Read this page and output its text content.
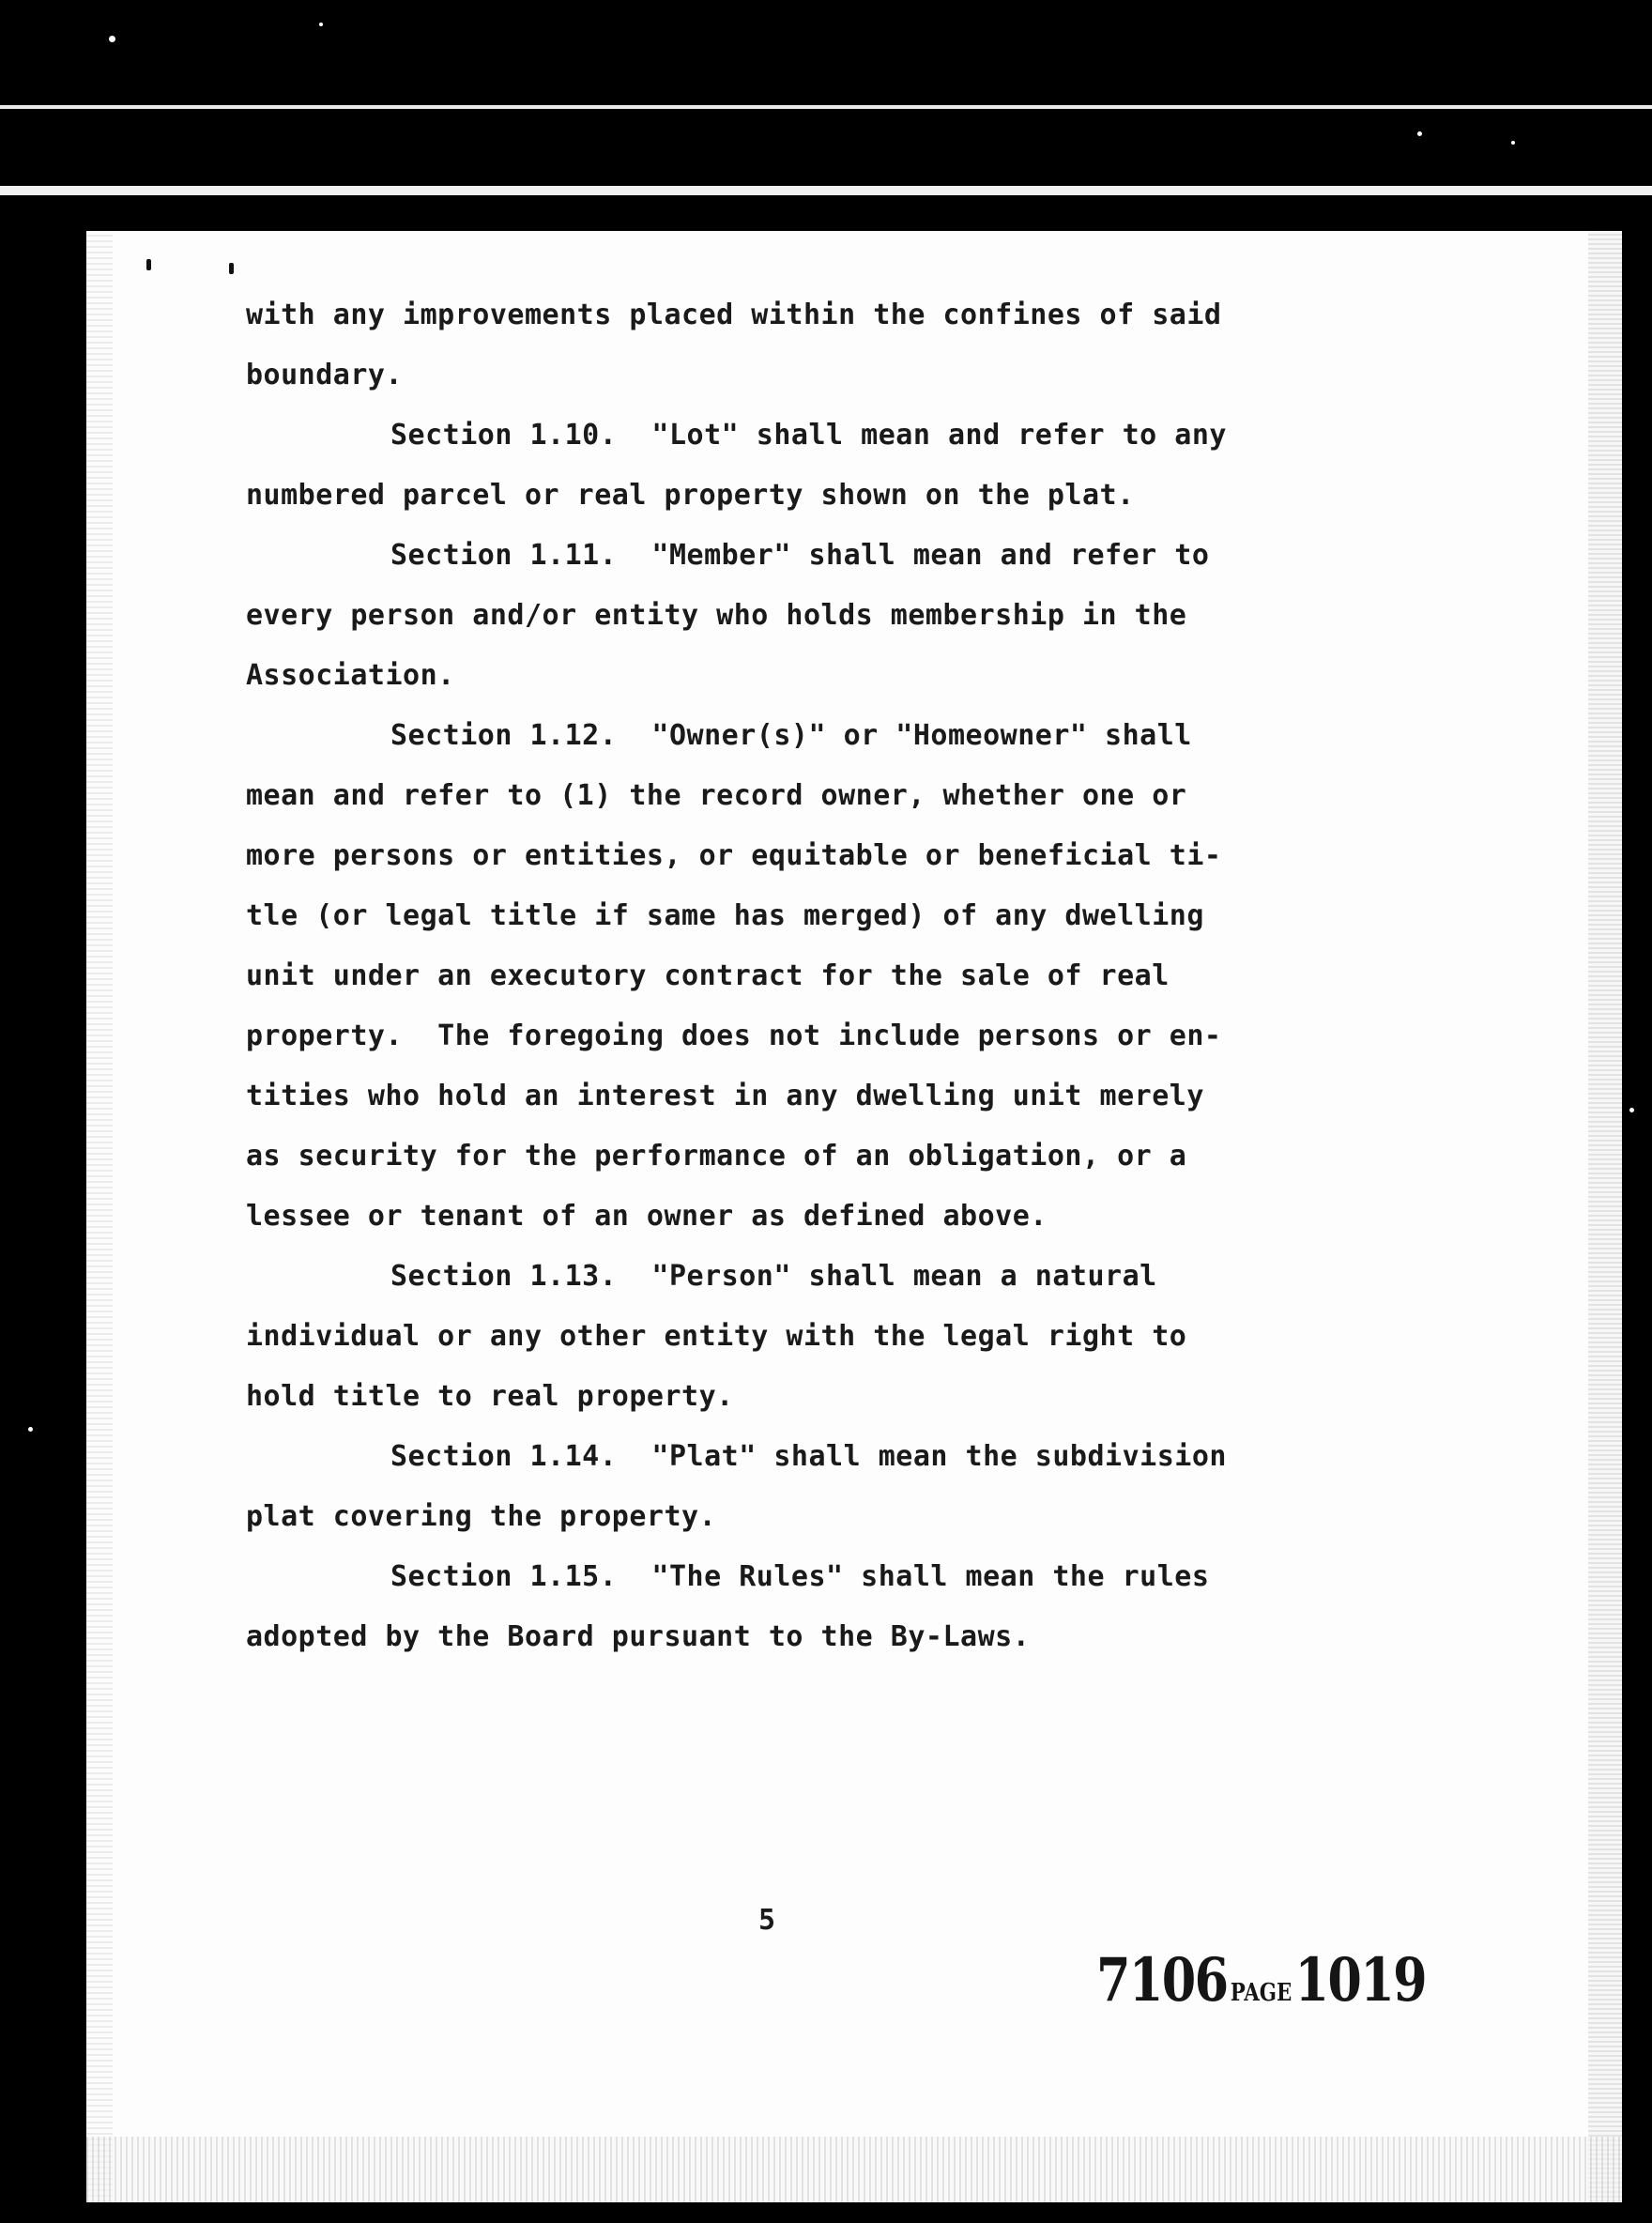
with any improvements placed within the confines of said
boundary.
Section 1.10.  "Lot" shall mean and refer to any
numbered parcel or real property shown on the plat.
Section 1.11.  "Member" shall mean and refer to
every person and/or entity who holds membership in the
Association.
Section 1.12.  "Owner(s)" or "Homeowner" shall
mean and refer to (1) the record owner, whether one or
more persons or entities, or equitable or beneficial ti-
tle (or legal title if same has merged) of any dwelling
unit under an executory contract for the sale of real
property.  The foregoing does not include persons or en-
tities who hold an interest in any dwelling unit merely
as security for the performance of an obligation, or a
lessee or tenant of an owner as defined above.
Section 1.13.  "Person" shall mean a natural
individual or any other entity with the legal right to
hold title to real property.
Section 1.14.  "Plat" shall mean the subdivision
plat covering the property.
Section 1.15.  "The Rules" shall mean the rules
adopted by the Board pursuant to the By-Laws.
5
7106 PAGE1019
